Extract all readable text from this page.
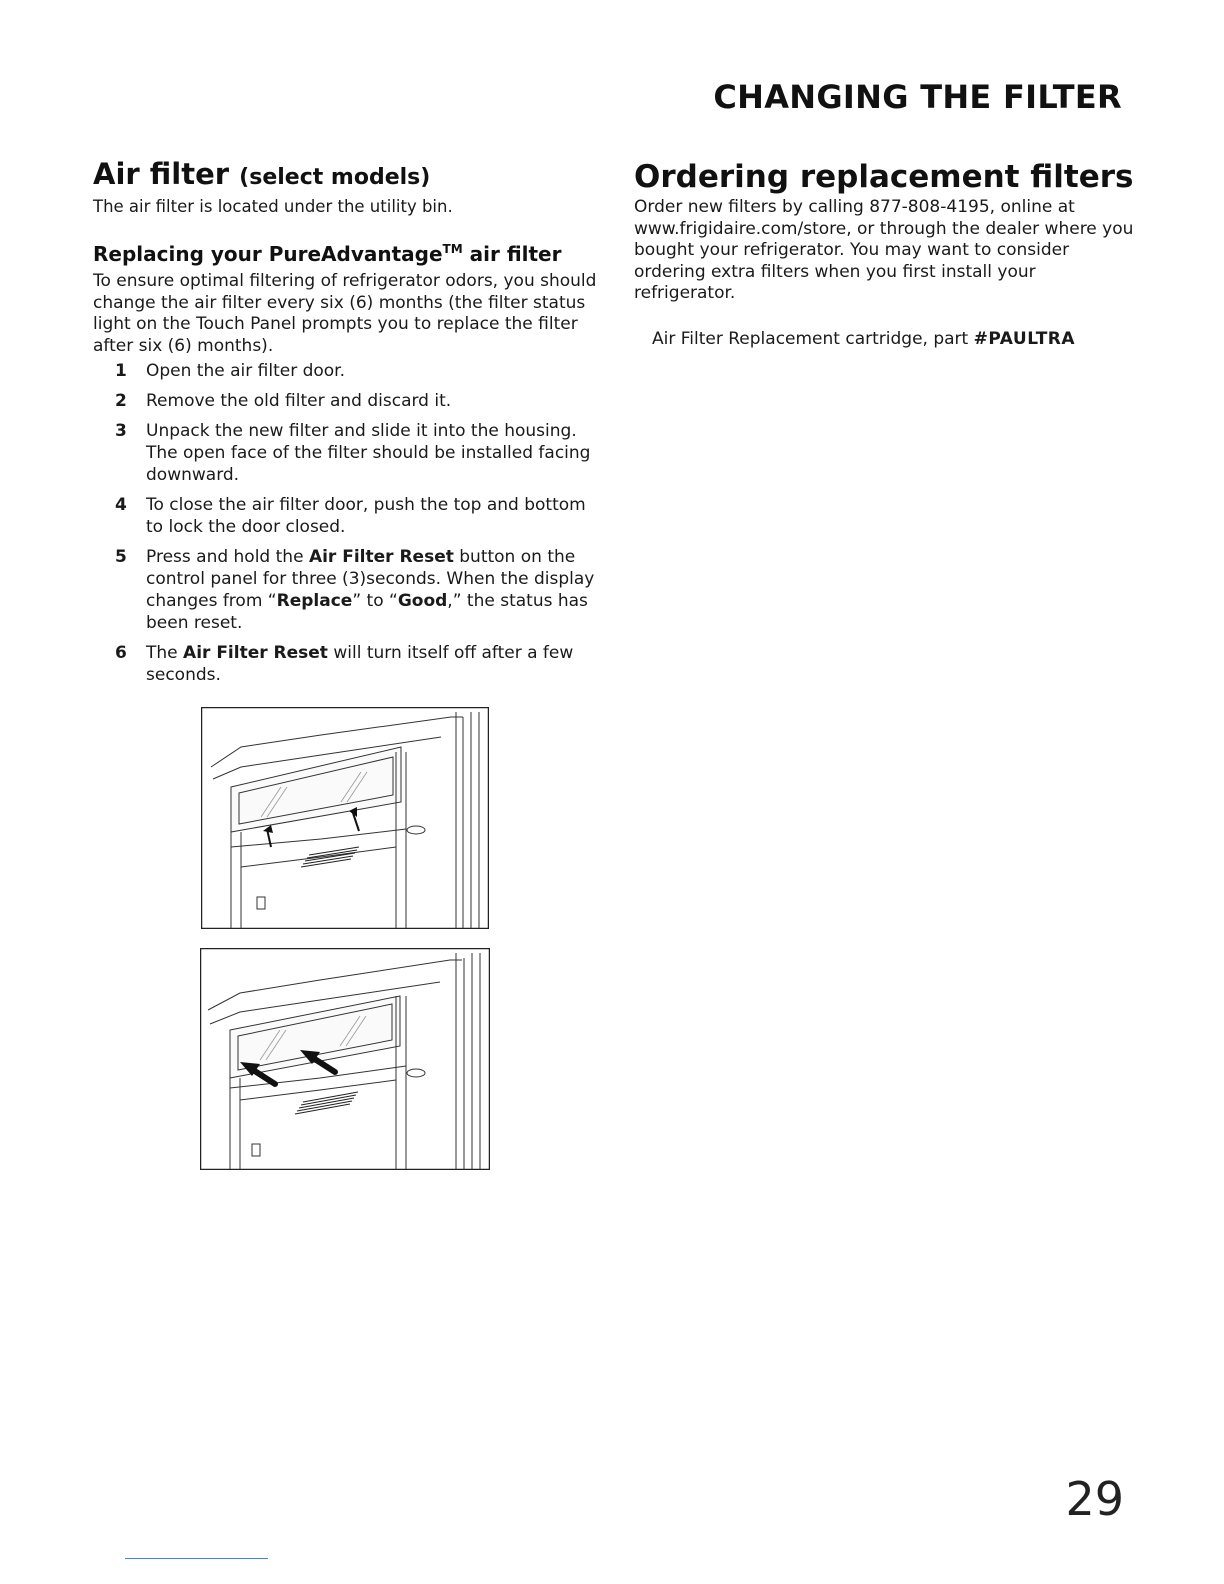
CHANGING THE FILTER
Air filter (select models)

The air filter is located under the utility bin.

Replacing your PureAdvantage™ air filter

To ensure optimal filtering of refrigerator odors, you should change the air filter every six (6) months (the filter status light on the Touch Panel prompts you to replace the filter after six (6) months).

1 Open the air filter door.
2 Remove the old filter and discard it.
3 Unpack the new filter and slide it into the housing. The open face of the filter should be installed facing downward.
4 To close the air filter door, push the top and bottom to lock the door closed.
5 Press and hold the Air Filter Reset button on the control panel for three (3)seconds. When the display changes from “Replace” to “Good,” the status has been reset.
6 The Air Filter Reset will turn itself off after a few seconds.
Ordering replacement filters

Order new filters by calling 877-808-4195, online at www.frigidaire.com/store, or through the dealer where you bought your refrigerator. You may want to consider ordering extra filters when you first install your refrigerator.

Air Filter Replacement cartridge, part #PAULTRA

29
